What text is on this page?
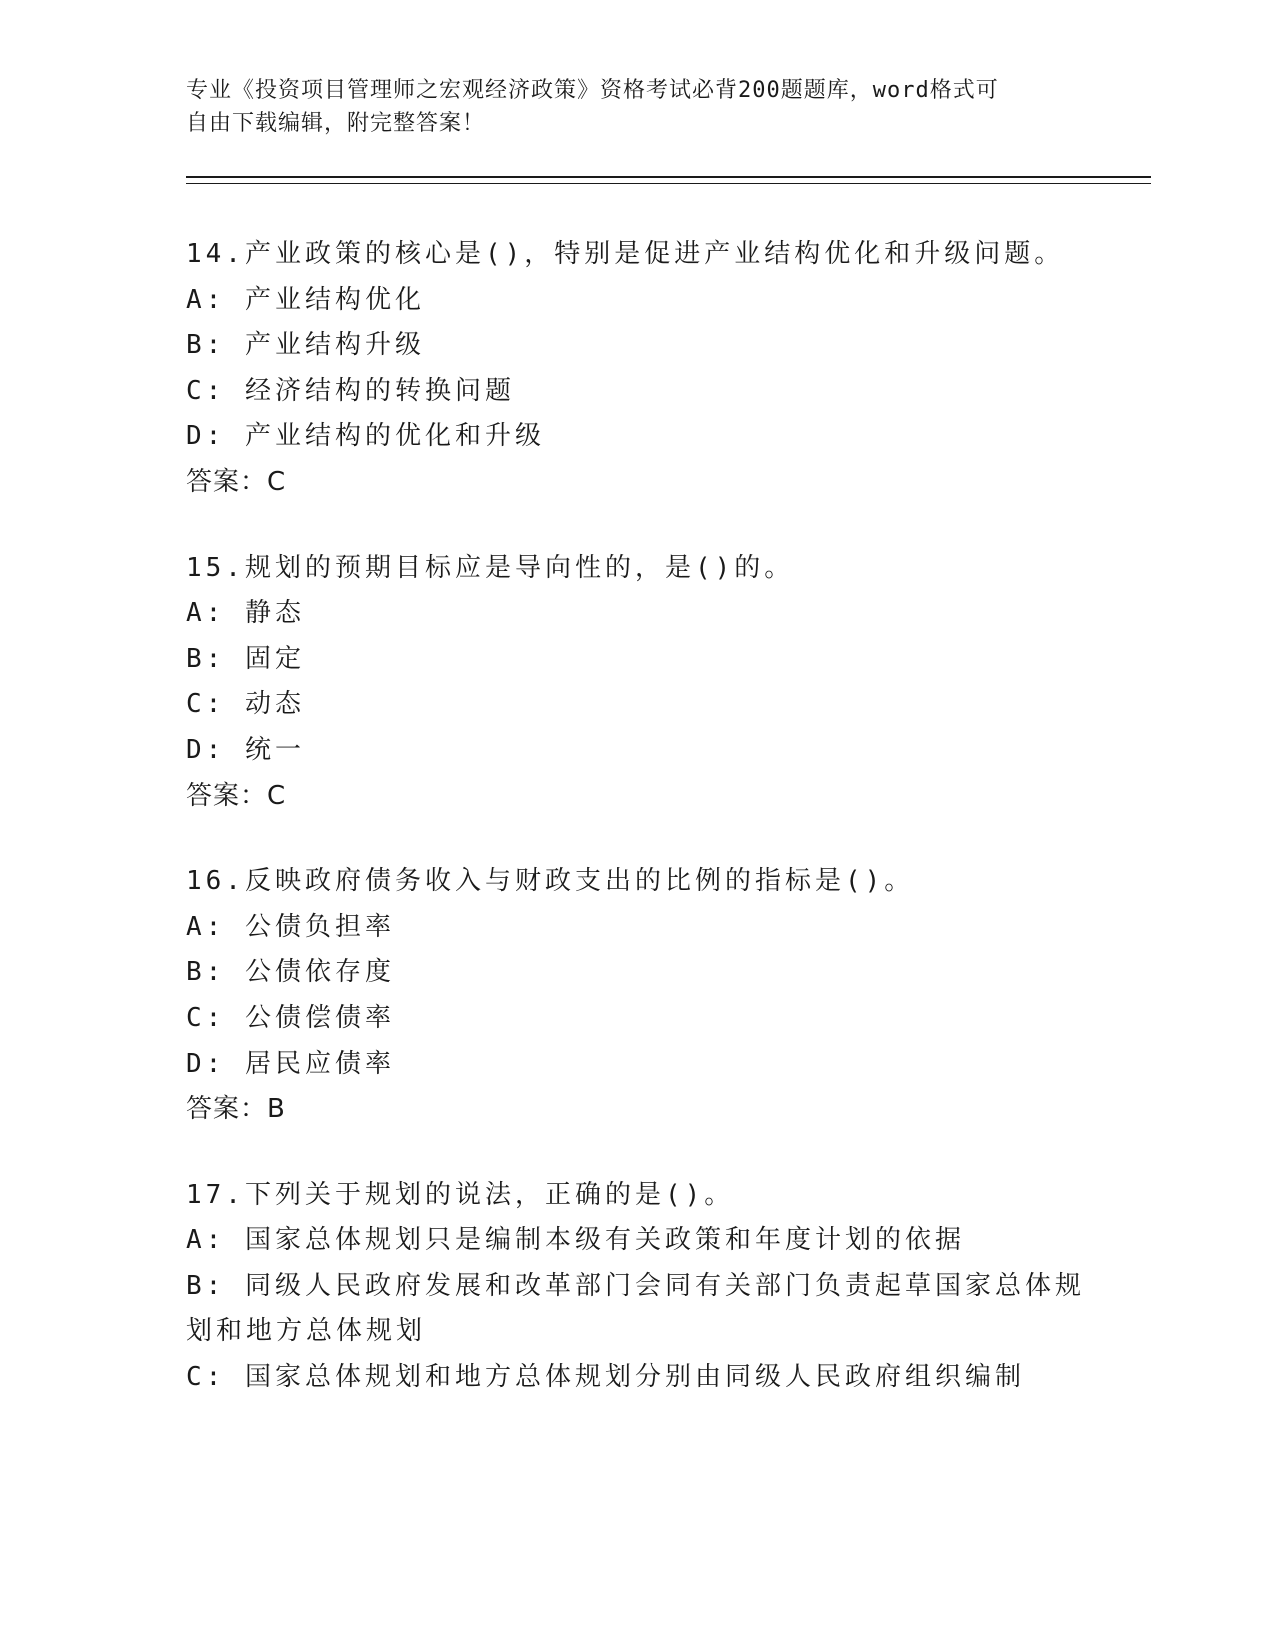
专业《投资项目管理师之宏观经济政策》资格考试必背200题题库，word格式可
自由下载编辑，附完整答案！

14.产业政策的核心是()，特别是促进产业结构优化和升级问题。

A: 产业结构优化

B: 产业结构升级

C: 经济结构的转换问题

D: 产业结构的优化和升级

答案：C

15.规划的预期目标应是导向性的，是()的。

A: 静态

B: 固定

C: 动态

D: 统一

答案：C

16.反映政府债务收入与财政支出的比例的指标是()。

A: 公债负担率

B: 公债依存度

C: 公债偿债率

D: 居民应债率

答案：B

17.下列关于规划的说法，正确的是()。

A: 国家总体规划只是编制本级有关政策和年度计划的依据

B: 同级人民政府发展和改革部门会同有关部门负责起草国家总体规划和地方总体规划

C: 国家总体规划和地方总体规划分别由同级人民政府组织编制
